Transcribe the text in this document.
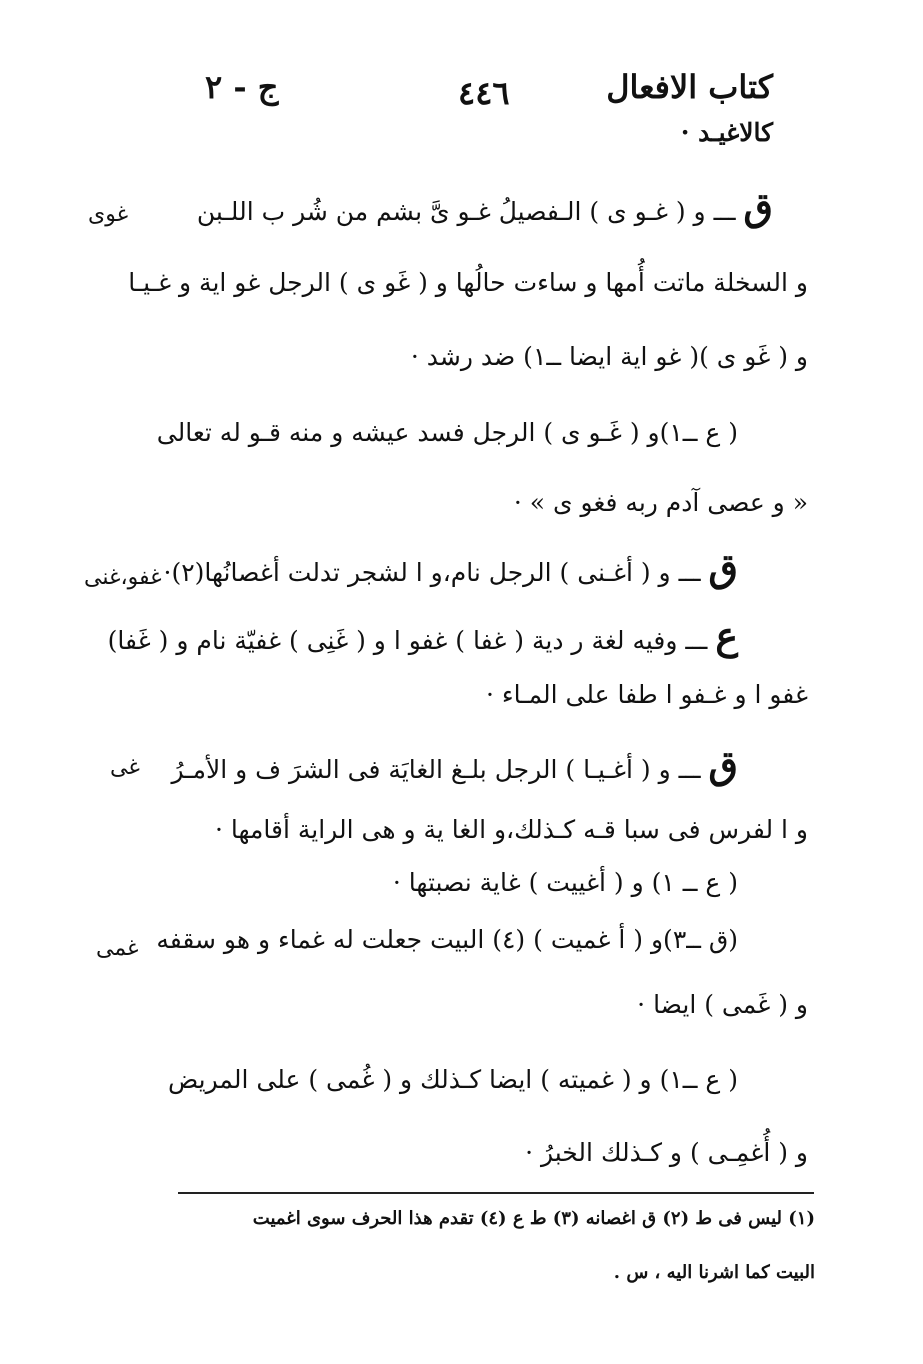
كتاب الافعال
٤٤٦
ج - ٢
كالاغيـد ·
ق ـــ و ( غـو ى ) الـفصيلُ غـو ىَّ بشم من شُر ب اللـبن
و السخلة ماتت أُمها و ساءت حالُها و ( غَو ى ) الرجل غو اية و غـيـا
و ( غَو ى )( غو اية ايضا ــ١) ضد رشد ·
( ع ــ١)و ( غَـو ى ) الرجل فسد عيشه و منه قـو له تعالى
« و عصى آدم ربه فغو ى » ·
ق ـــ و ( أغـنى ) الرجل نام،و ا لشجر تدلت أغصانُها(٢)·
ع ـــ وفيه لغة ر دية ( غفا ) غفو ا و ( غَنِى ) غفيّة نام و ( غَفا)
غفو ا و غـفو ا طفا على المـاء ·
ق ـــ و ( أغـيـا ) الرجل بلـغ الغايَة فى الشرَ ف و الأمـرُ
و ا لفرس فى سبا قـه كـذلك،و الغا ية و هى الراية أقامها ·
( ع ــ ١) و ( أغييت ) غاية نصبتها ·
(ق ــ٣)و ( أ غميت ) (٤) البيت جعلت له غماء و هو سقفه
و ( غَمى ) ايضا ·
( ع ــ١) و ( غميته ) ايضا كـذلك و ( غُمى ) على المريض
و ( أُغمِـى ) و كـذلك الخبرُ ·
غوى
غفو،غنى
غى
غمى
(١) ليس فى ط (٢) ق اغصانه (٣) ط ع (٤) تقدم هذا الحرف سوى اغميت
البيت كما اشرنا اليه ، س .
